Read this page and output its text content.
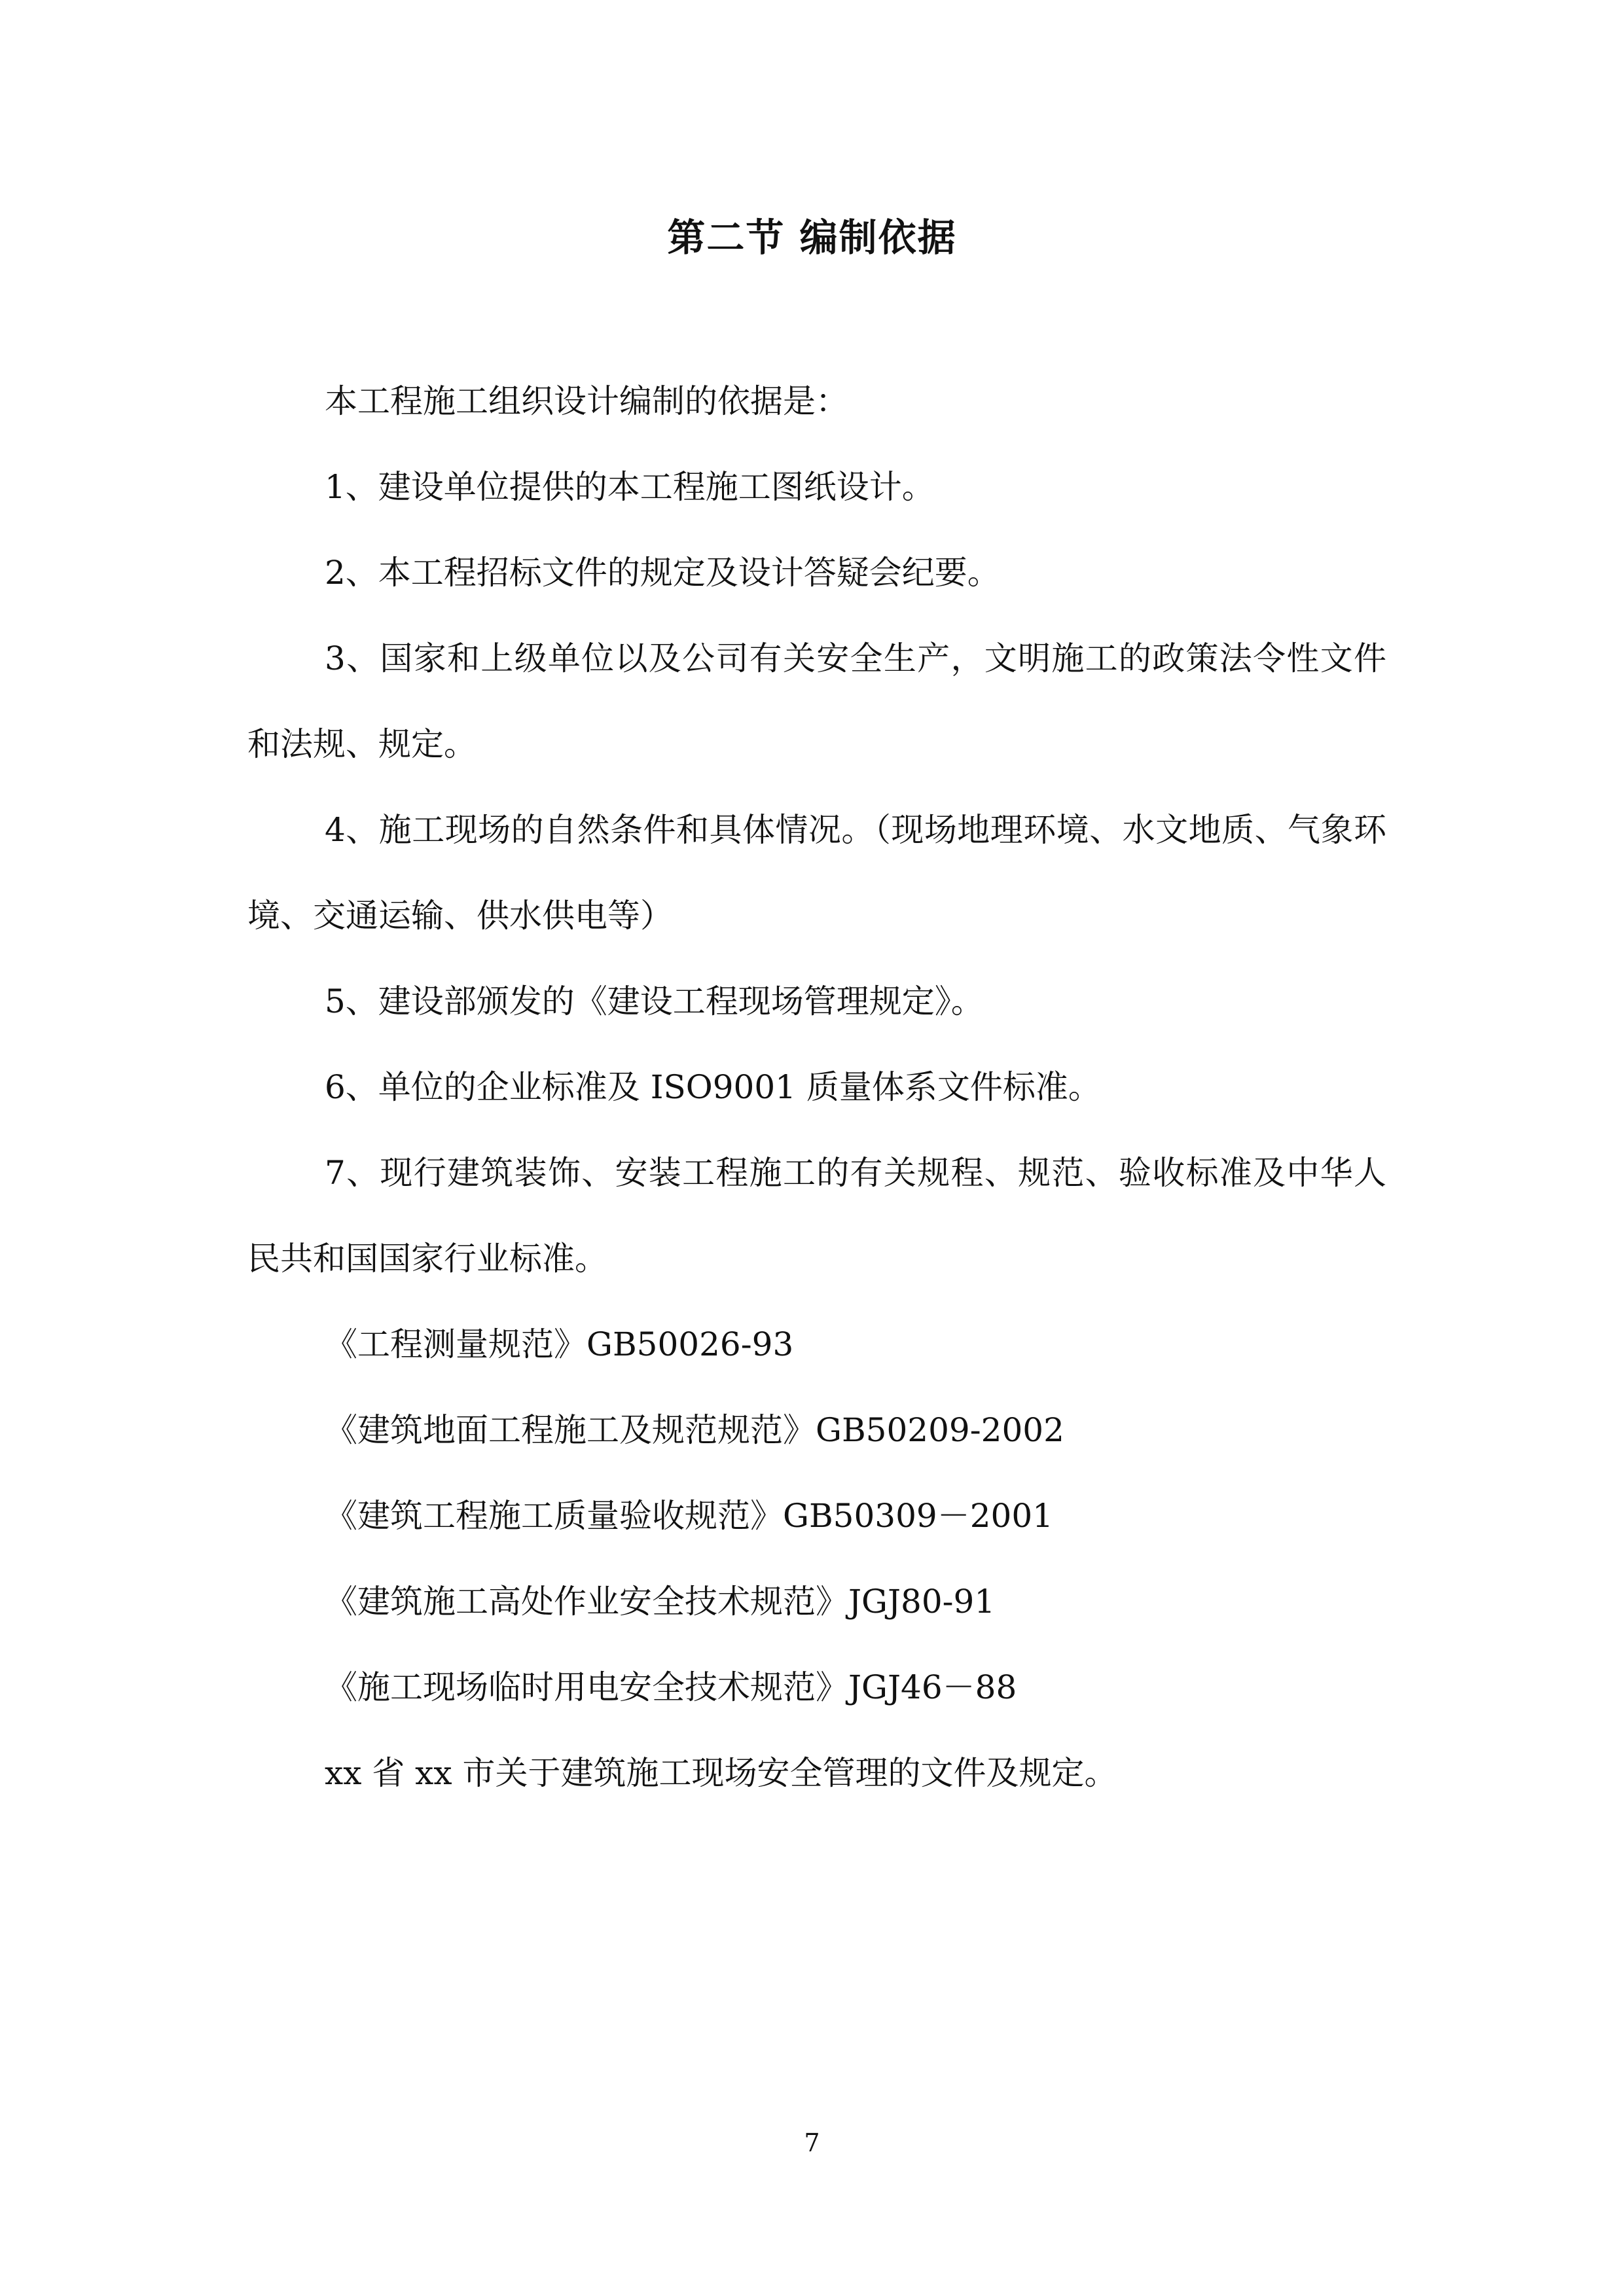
第二节 编制依据

本工程施工组织设计编制的依据是：

1、建设单位提供的本工程施工图纸设计。

2、本工程招标文件的规定及设计答疑会纪要。

3、国家和上级单位以及公司有关安全生产，文明施工的政策法令性文件和法规、规定。

4、施工现场的自然条件和具体情况。（现场地理环境、水文地质、气象环境、交通运输、供水供电等）

5、建设部颁发的《建设工程现场管理规定》。

6、单位的企业标准及 ISO9001 质量体系文件标准。

7、现行建筑装饰、安装工程施工的有关规程、规范、验收标准及中华人民共和国国家行业标准。

《工程测量规范》GB50026-93

《建筑地面工程施工及规范规范》GB50209-2002

《建筑工程施工质量验收规范》GB50309－2001

《建筑施工高处作业安全技术规范》JGJ80-91

《施工现场临时用电安全技术规范》JGJ46－88

xx 省 xx 市关于建筑施工现场安全管理的文件及规定。

7
